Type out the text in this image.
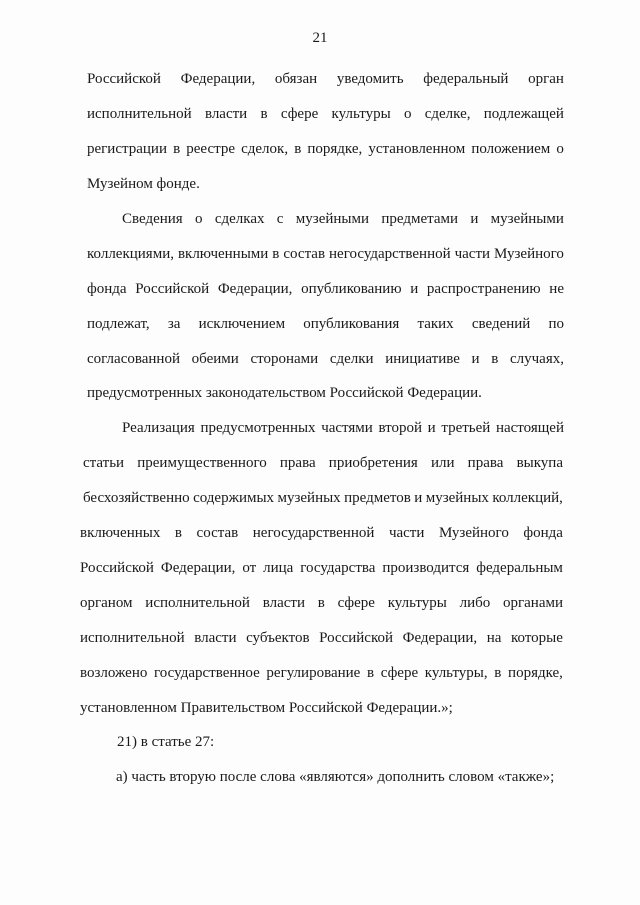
21
Российской Федерации, обязан уведомить федеральный орган
исполнительной власти в сфере культуры о сделке, подлежащей
регистрации в реестре сделок, в порядке, установленном положением о
Музейном фонде.
Сведения о сделках с музейными предметами и музейными
коллекциями, включенными в состав негосударственной части Музейного
фонда Российской Федерации, опубликованию и распространению не
подлежат, за исключением опубликования таких сведений по
согласованной обеими сторонами сделки инициативе и в случаях,
предусмотренных законодательством Российской Федерации.
Реализация предусмотренных частями второй и третьей настоящей
статьи преимущественного права приобретения или права выкупа
бесхозяйственно содержимых музейных предметов и музейных коллекций,
включенных в состав негосударственной части Музейного фонда
Российской Федерации, от лица государства производится федеральным
органом исполнительной власти в сфере культуры либо органами
исполнительной власти субъектов Российской Федерации, на которые
возложено государственное регулирование в сфере культуры, в порядке,
установленном Правительством Российской Федерации.»;
21) в статье 27:
а) часть вторую после слова «являются» дополнить словом «также»;
